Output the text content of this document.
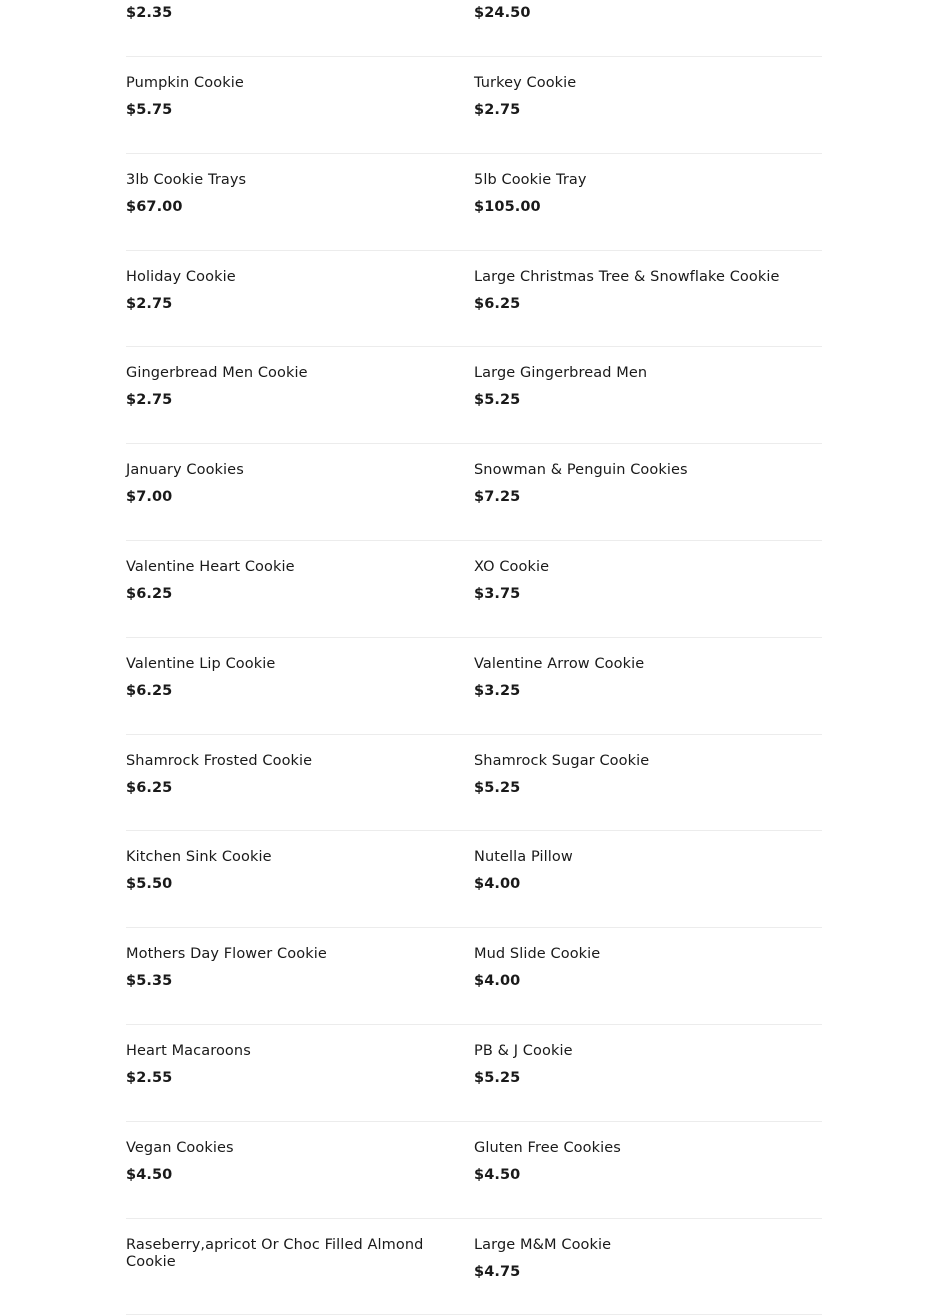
$2.35	$24.50
Pumpkin Cookie
$5.75
Turkey Cookie
$2.75
3lb Cookie Trays
$67.00
5lb Cookie Tray
$105.00
Holiday Cookie
$2.75
Large Christmas Tree & Snowflake Cookie
$6.25
Gingerbread Men Cookie
$2.75
Large Gingerbread Men
$5.25
January Cookies
$7.00
Snowman & Penguin Cookies
$7.25
Valentine Heart Cookie
$6.25
XO Cookie
$3.75
Valentine Lip Cookie
$6.25
Valentine Arrow Cookie
$3.25
Shamrock Frosted Cookie
$6.25
Shamrock Sugar Cookie
$5.25
Kitchen Sink Cookie
$5.50
Nutella Pillow
$4.00
Mothers Day Flower Cookie
$5.35
Mud Slide Cookie
$4.00
Heart Macaroons
$2.55
PB & J Cookie
$5.25
Vegan Cookies
$4.50
Gluten Free Cookies
$4.50
Raseberry,apricot Or Choc Filled Almond Cookie
Large M&M Cookie
$4.75
